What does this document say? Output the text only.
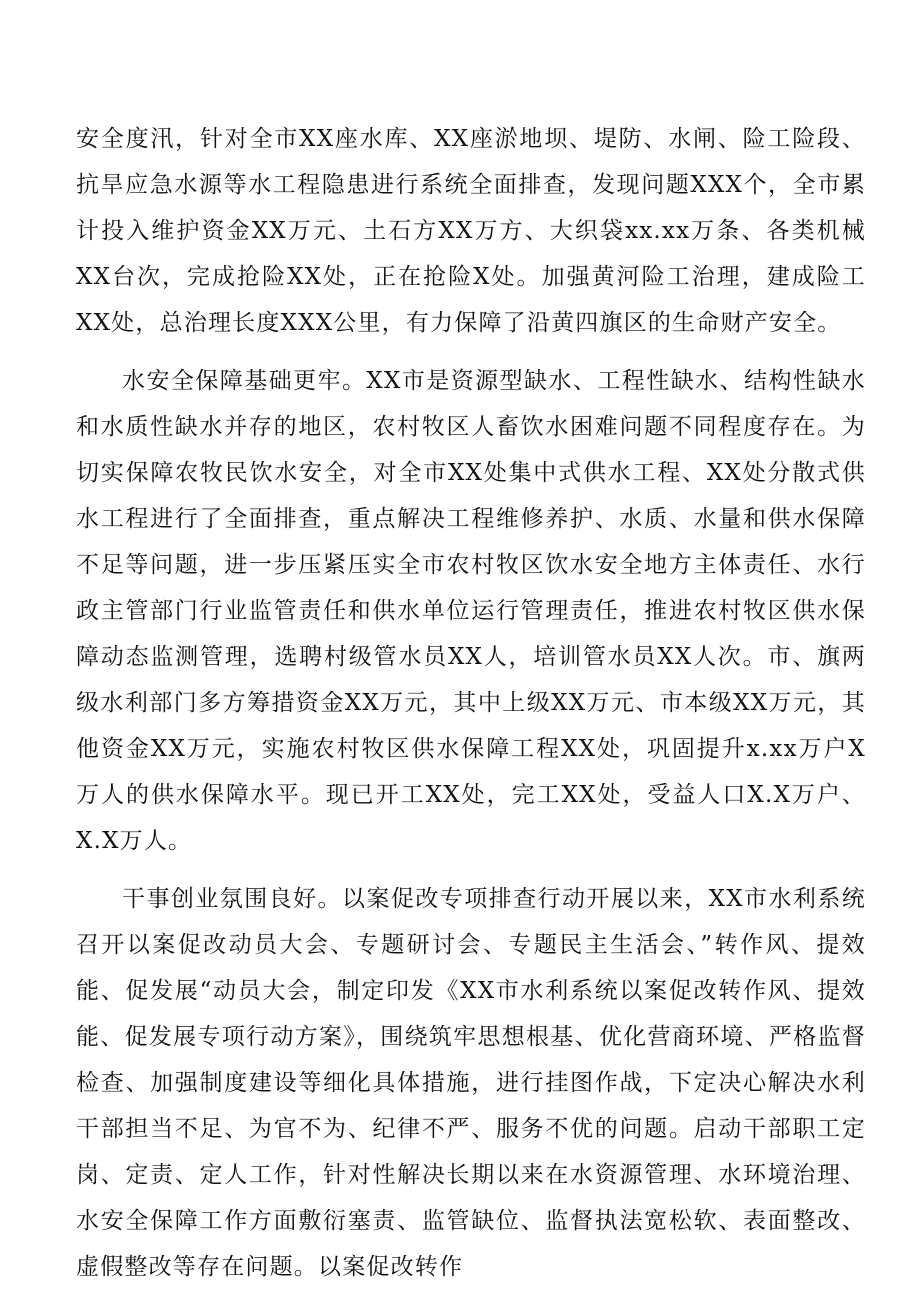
安全度汛，针对全市XX座水库、XX座淤地坝、堤防、水闸、险工险段、抗旱应急水源等水工程隐患进行系统全面排查，发现问题XXX个，全市累计投入维护资金XX万元、土石方XX万方、大织袋xx.xx万条、各类机械XX台次，完成抢险XX处，正在抢险X处。加强黄河险工治理，建成险工XX处，总治理长度XXX公里，有力保障了沿黄四旗区的生命财产安全。

水安全保障基础更牢。XX市是资源型缺水、工程性缺水、结构性缺水和水质性缺水并存的地区，农村牧区人畜饮水困难问题不同程度存在。为切实保障农牧民饮水安全，对全市XX处集中式供水工程、XX处分散式供水工程进行了全面排查，重点解决工程维修养护、水质、水量和供水保障不足等问题，进一步压紧压实全市农村牧区饮水安全地方主体责任、水行政主管部门行业监管责任和供水单位运行管理责任，推进农村牧区供水保障动态监测管理，选聘村级管水员XX人，培训管水员XX人次。市、旗两级水利部门多方筹措资金XX万元，其中上级XX万元、市本级XX万元，其他资金XX万元，实施农村牧区供水保障工程XX处，巩固提升x.xx万户X万人的供水保障水平。现已开工XX处，完工XX处，受益人口X.X万户、X.X万人。

干事创业氛围良好。以案促改专项排查行动开展以来，XX市水利系统召开以案促改动员大会、专题研讨会、专题民主生活会、”转作风、提效能、促发展“动员大会，制定印发《XX市水利系统以案促改转作风、提效能、促发展专项行动方案》，围绕筑牢思想根基、优化营商环境、严格监督检查、加强制度建设等细化具体措施，进行挂图作战，下定决心解决水利干部担当不足、为官不为、纪律不严、服务不优的问题。启动干部职工定岗、定责、定人工作，针对性解决长期以来在水资源管理、水环境治理、水安全保障工作方面敷衍塞责、监管缺位、监督执法宽松软、表面整改、虚假整改等存在问题。以案促改转作
